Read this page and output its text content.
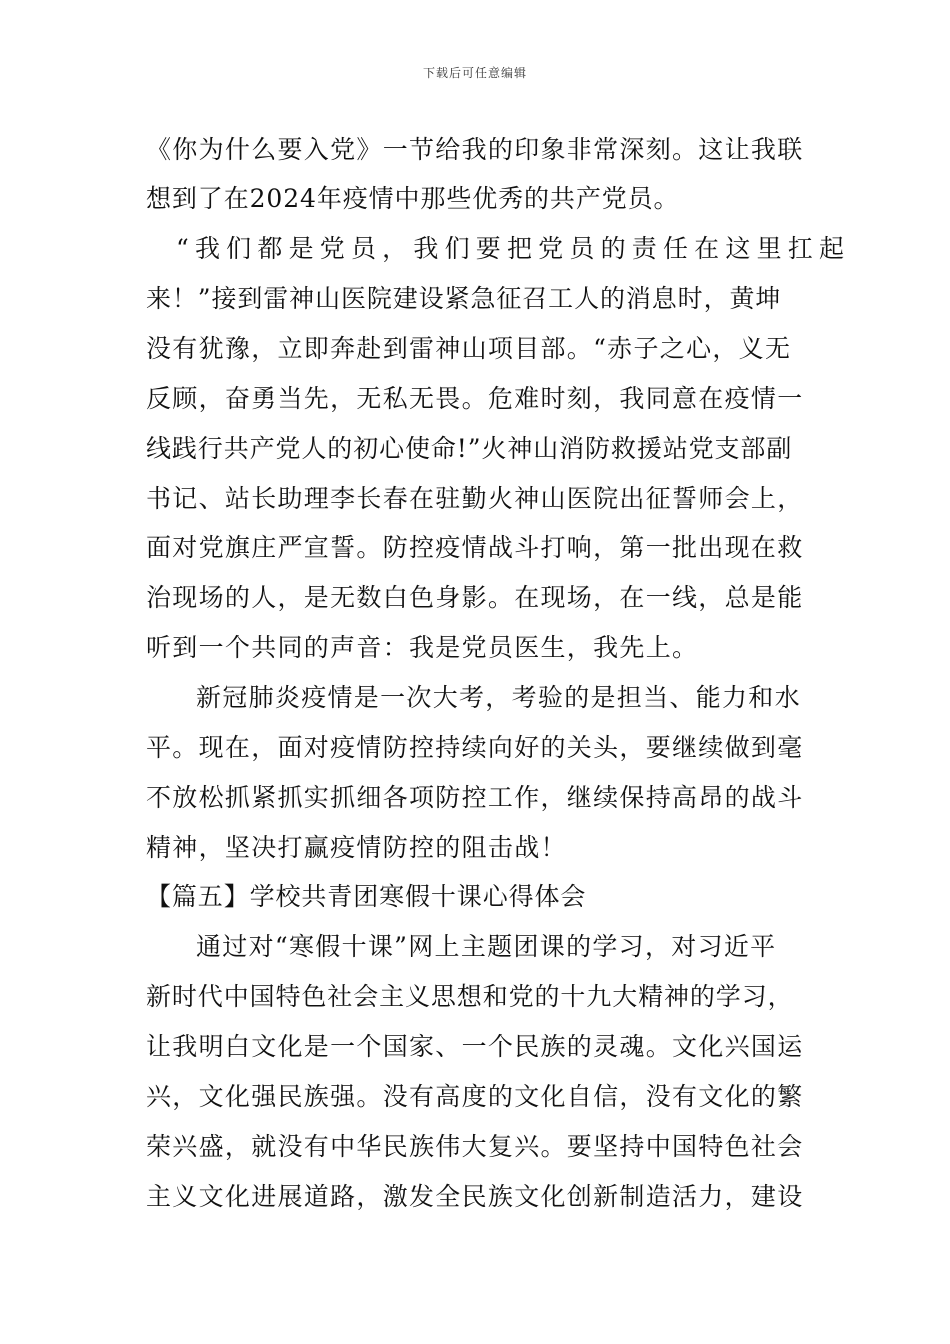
下载后可任意编辑
《你为什么要入党》一节给我的印象非常深刻。这让我联
想到了在2024年疫情中那些优秀的共产党员。
“我们都是党员，我们要把党员的责任在这里扛起
来！”接到雷神山医院建设紧急征召工人的消息时，黄坤
没有犹豫，立即奔赴到雷神山项目部。“赤子之心，义无
反顾，奋勇当先，无私无畏。危难时刻，我同意在疫情一
线践行共产党人的初心使命!”火神山消防救援站党支部副
书记、站长助理李长春在驻勤火神山医院出征誓师会上，
面对党旗庄严宣誓。防控疫情战斗打响，第一批出现在救
治现场的人，是无数白色身影。在现场，在一线，总是能
听到一个共同的声音：我是党员医生，我先上。
新冠肺炎疫情是一次大考，考验的是担当、能力和水
平。现在，面对疫情防控持续向好的关头，要继续做到毫
不放松抓紧抓实抓细各项防控工作，继续保持高昂的战斗
精神，坚决打赢疫情防控的阻击战！
【篇五】学校共青团寒假十课心得体会
通过对“寒假十课”网上主题团课的学习，对习近平
新时代中国特色社会主义思想和党的十九大精神的学习，
让我明白文化是一个国家、一个民族的灵魂。文化兴国运
兴，文化强民族强。没有高度的文化自信，没有文化的繁
荣兴盛，就没有中华民族伟大复兴。要坚持中国特色社会
主义文化进展道路，激发全民族文化创新制造活力，建设
